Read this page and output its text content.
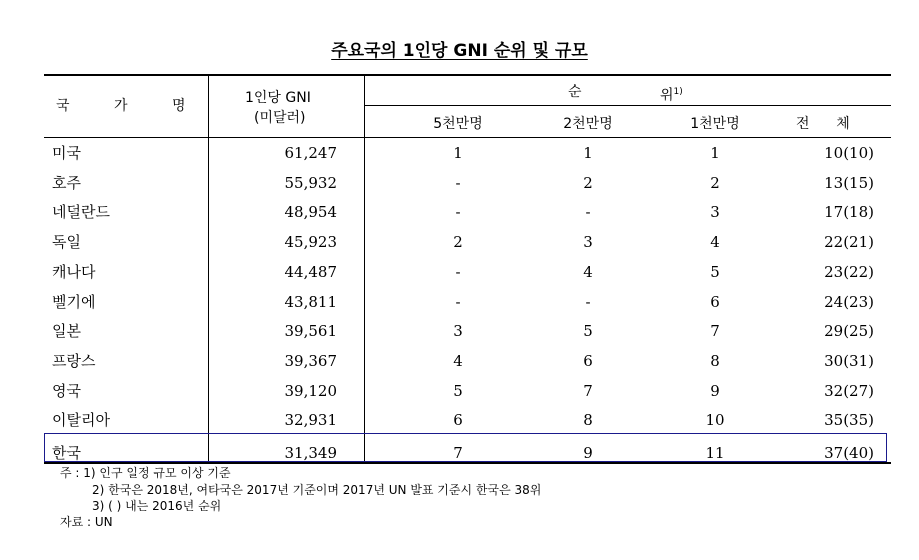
주요국의 1인당 GNI 순위 및 규모
국          가          명	1인당 GNI
(미달러)
순	위$^{1)}$
5천만명	2천만명	1천만명	전      체
미국	61,247	1	1	1	10(10)
호주	55,932	-	2	2	13(15)
네덜란드	48,954	-	-	3	17(18)
독일	45,923	2	3	4	22(21)
캐나다	44,487	-	4	5	23(22)
벨기에	43,811	-	-	6	24(23)
일본	39,561	3	5	7	29(25)
프랑스	39,367	4	6	8	30(31)
영국	39,120	5	7	9	32(27)
이탈리아	32,931	6	8	10	35(35)
한국	31,349	7	9	11	37(40)
주 : 1) 인구 일정 규모 이상 기준
2) 한국은 2018년, 여타국은 2017년 기준이며 2017년 UN 발표 기준시 한국은 38위
3) ( ) 내는 2016년 순위
자료 : UN
